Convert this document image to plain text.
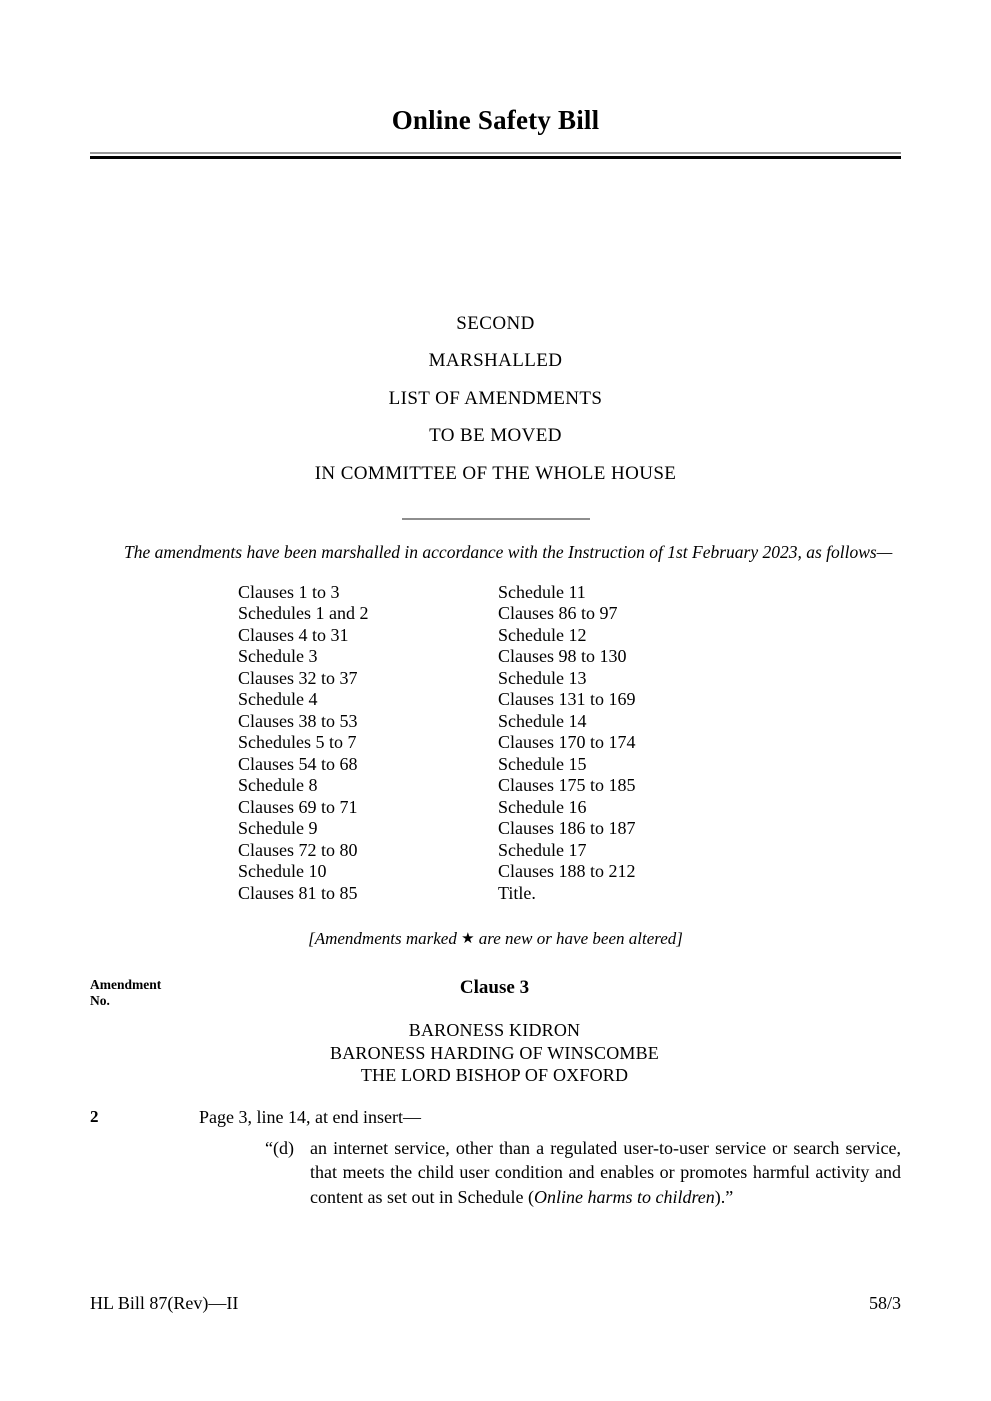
Online Safety Bill
SECOND
MARSHALLED
LIST OF AMENDMENTS
TO BE MOVED
IN COMMITTEE OF THE WHOLE HOUSE

The amendments have been marshalled in accordance with the Instruction of 1st February 2023, as follows—

Clauses 1 to 3
Schedules 1 and 2
Clauses 4 to 31
Schedule 3
Clauses 32 to 37
Schedule 4
Clauses 38 to 53
Schedules 5 to 7
Clauses 54 to 68
Schedule 8
Clauses 69 to 71
Schedule 9
Clauses 72 to 80
Schedule 10
Clauses 81 to 85
Schedule 11
Clauses 86 to 97
Schedule 12
Clauses 98 to 130
Schedule 13
Clauses 131 to 169
Schedule 14
Clauses 170 to 174
Schedule 15
Clauses 175 to 185
Schedule 16
Clauses 186 to 187
Schedule 17
Clauses 188 to 212
Title.
[Amendments marked ★ are new or have been altered]
Amendment
No.
Clause 3
BARONESS KIDRON
BARONESS HARDING OF WINSCOMBE
THE LORD BISHOP OF OXFORD
2	Page 3, line 14, at end insert—
“(d) an internet service, other than a regulated user-to-user service or search service, that meets the child user condition and enables or promotes harmful activity and content as set out in Schedule (Online harms to children).”
HL Bill 87(Rev)—II	58/3
